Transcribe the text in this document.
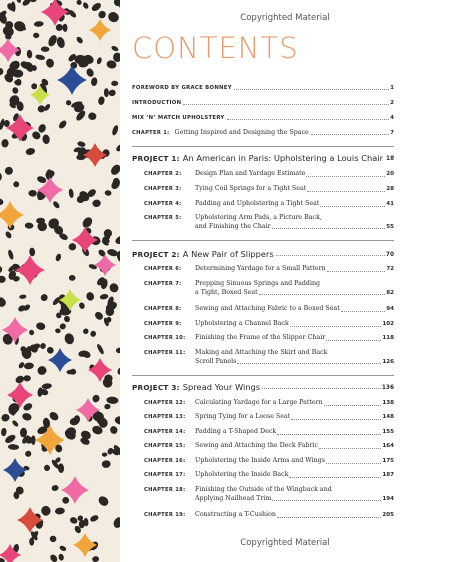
Copyrighted Material
CONTENTS
FOREWORD BY GRACE BONNEY	1
INTRODUCTION	2
MIX ‘N’ MATCH UPHOLSTERY	4
CHAPTER 1: Getting Inspired and Designing the Space	7
PROJECT 1: An American in Paris: Upholstering a Louis Chair 18
CHAPTER 2:	Design Plan and Yardage Estimate	20
CHAPTER 3:	Tying Coil Springs for a Tight Seat	28
CHAPTER 4:	Padding and Upholstering a Tight Seat	41
CHAPTER 5:	Upholstering Arm Pads, a Picture Back,
and Finishing the Chair	55
PROJECT 2: A New Pair of Slippers	70
CHAPTER 6:	Determining Yardage for a Small Pattern	72
CHAPTER 7:	Prepping Sinuous Springs and Padding
a Tight, Boxed Seat	82
CHAPTER 8:	Sewing and Attaching Fabric to a Boxed Seat	94
CHAPTER 9:	Upholstering a Channel Back	102
CHAPTER 10:	Finishing the Frame of the Slipper Chair	118
CHAPTER 11:	Making and Attaching the Skirt and Back
Scroll Panels	126
PROJECT 3: Spread Your Wings	136
CHAPTER 12:	Calculating Yardage for a Large Pattern	138
CHAPTER 13:	Spring Tying for a Loose Seat	148
CHAPTER 14:	Padding a T-Shaped Deck	155
CHAPTER 15:	Sewing and Attaching the Deck Fabric	164
CHAPTER 16:	Upholstering the Inside Arms and Wings	175
CHAPTER 17:	Upholstering the Inside Back	187
CHAPTER 18:	Finishing the Outside of the Wingback and
Applying Nailhead Trim	194
CHAPTER 19:	Constructing a T-Cushion	205
Copyrighted Material
